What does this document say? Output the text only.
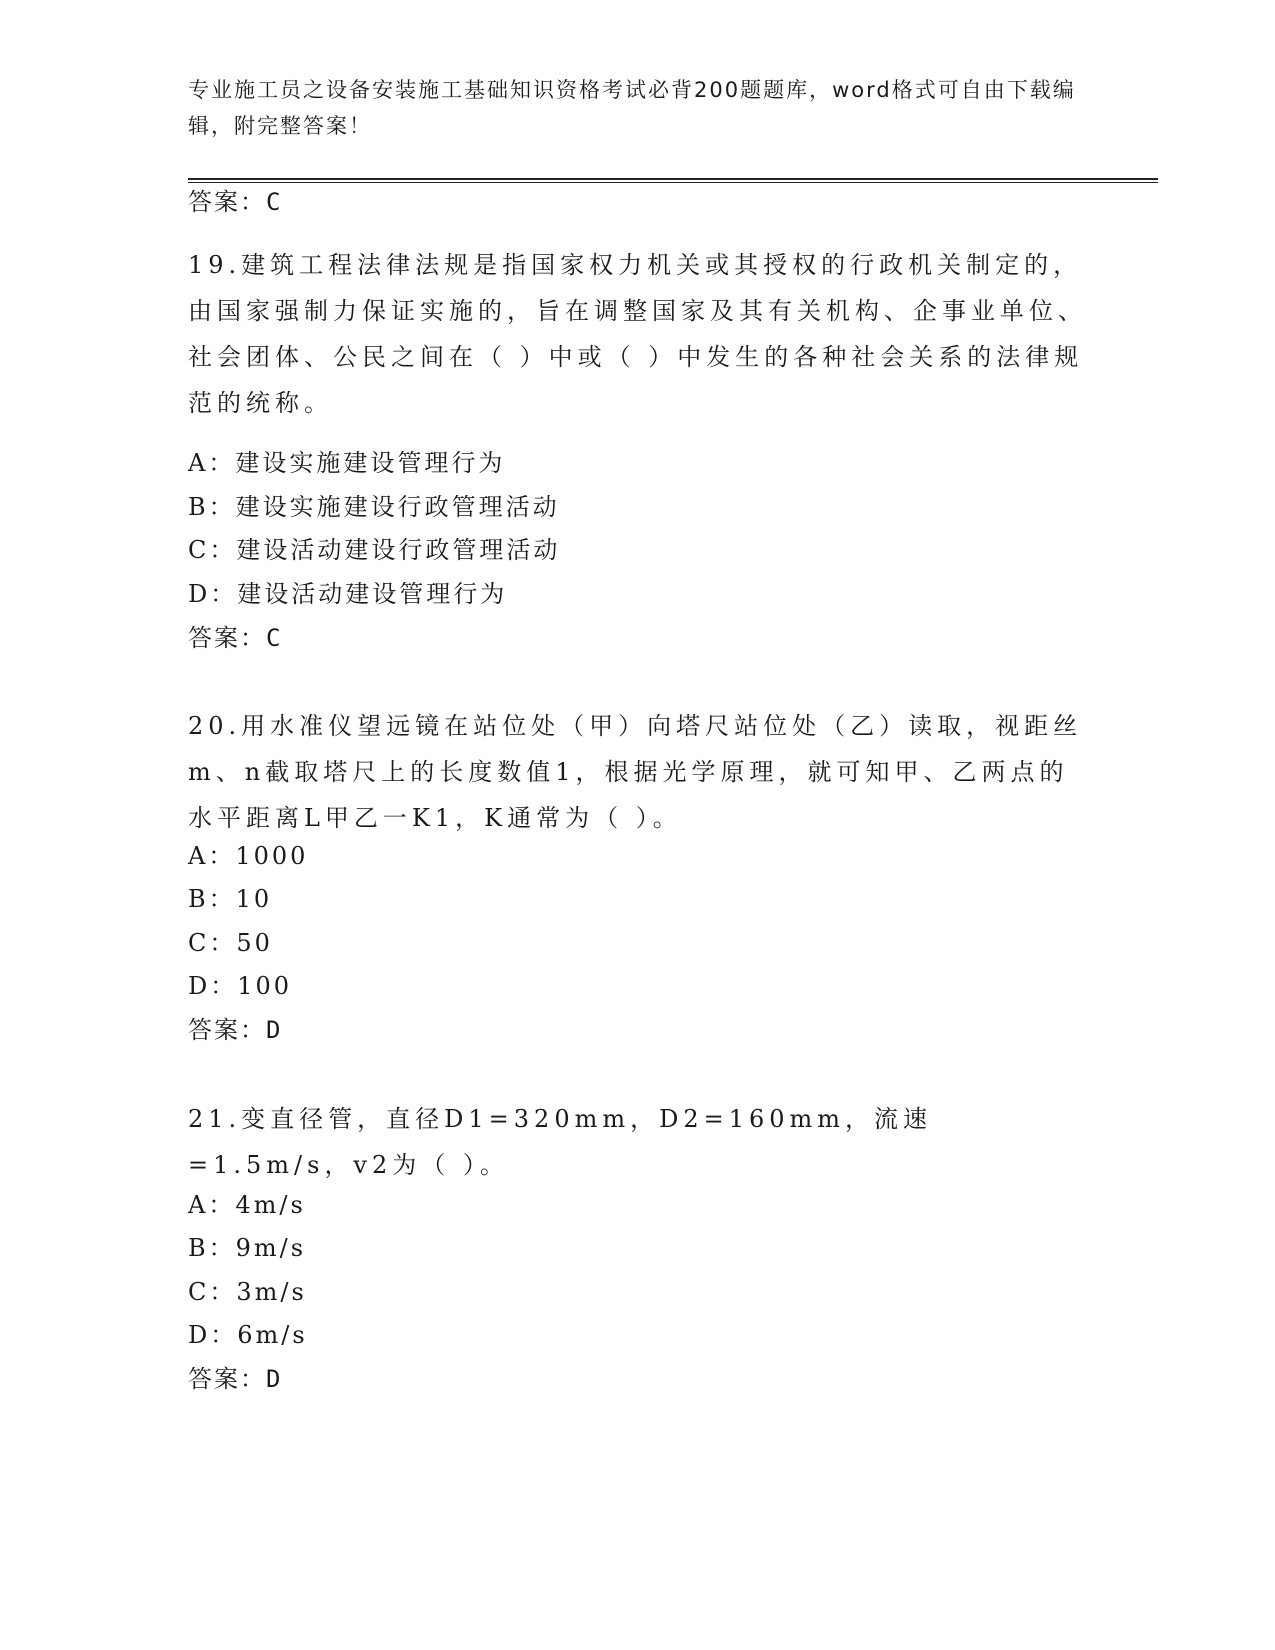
专业施工员之设备安装施工基础知识资格考试必背200题题库，word格式可自由下载编辑，附完整答案！
答案：C
19.建筑工程法律法规是指国家权力机关或其授权的行政机关制定的，由国家强制力保证实施的，旨在调整国家及其有关机构、企事业单位、社会团体、公民之间在（ ）中或（ ）中发生的各种社会关系的法律规范的统称。
A：建设实施建设管理行为
B：建设实施建设行政管理活动
C：建设活动建设行政管理活动
D：建设活动建设管理行为
答案：C
20.用水准仪望远镜在站位处（甲）向塔尺站位处（乙）读取，视距丝m、n截取塔尺上的长度数值1，根据光学原理，就可知甲、乙两点的水平距离L甲乙一K1，K通常为（ ）。
A：1000
B：10
C：50
D：100
答案：D
21.变直径管，直径D1=320mm，D2=160mm，流速=1.5m/s，v2为（ ）。
A：4m/s
B：9m/s
C：3m/s
D：6m/s
答案：D
